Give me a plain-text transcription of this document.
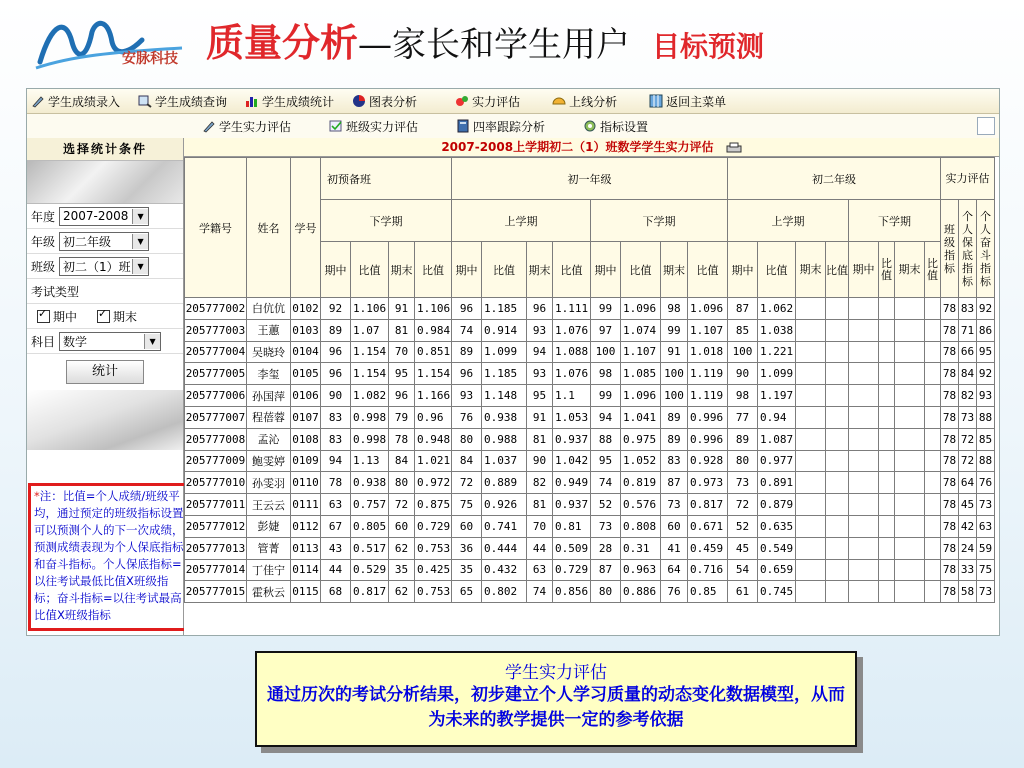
安脉科技 质量分析 —家长和学生用户 目标预测
学生成绩录入	学生成绩查询	学生成绩统计	图表分析	实力评估	上线分析	返回主菜单
学生实力评估	班级实力评估	四率跟踪分析	指标设置
选择统计条件
年度 2007-2008	▼
年级 初二年级	▼
班级 初二（1）班 ▼
考试类型
✓
期中 ✓	期末
科目 数学	▼
统计
*注：比值=个人成绩/班级平均，通过预定的班级指标设置可以预测个人的下一次成绩，预测成绩表现为个人保底指标和奋斗指标。个人保底指标=以往考试最低比值X班级指标；奋斗指标=以往考试最高比值X班级指标
2007-2008上学期初二（1）班数学学生实力评估
学籍号	姓名	学号	初预备班				初一年级								初二年级								实力评估		
			下学期				上学期				下学期				上学期				下学期				班级指标	个人保底指标	个人奋斗指标
			期中	比值	期末	比值	期中	比值	期末	比值	期中	比值	期末	比值	期中	比值	期末	比值	期中	比值	期末	比值			
205777002	白伉伉	0102	92	1.106	91	1.106	96	1.185	96	1.111	99	1.096	98	1.096	87	1.062							78	83	92
205777003	王蕙	0103	89	1.07	81	0.984	74	0.914	93	1.076	97	1.074	99	1.107	85	1.038							78	71	86
205777004	吴晓玲	0104	96	1.154	70	0.851	89	1.099	94	1.088	100	1.107	91	1.018	100	1.221							78	66	95
205777005	李玺	0105	96	1.154	95	1.154	96	1.185	93	1.076	98	1.085	100	1.119	90	1.099							78	84	92
205777006	孙国萍	0106	90	1.082	96	1.166	93	1.148	95	1.1	99	1.096	100	1.119	98	1.197							78	82	93
205777007	程蓓蓉	0107	83	0.998	79	0.96	76	0.938	91	1.053	94	1.041	89	0.996	77	0.94							78	73	88
205777008	孟沁	0108	83	0.998	78	0.948	80	0.988	81	0.937	88	0.975	89	0.996	89	1.087							78	72	85
205777009	鲍雯婷	0109	94	1.13	84	1.021	84	1.037	90	1.042	95	1.052	83	0.928	80	0.977							78	72	88
205777010	孙雯羽	0110	78	0.938	80	0.972	72	0.889	82	0.949	74	0.819	87	0.973	73	0.891							78	64	76
205777011	王云云	0111	63	0.757	72	0.875	75	0.926	81	0.937	52	0.576	73	0.817	72	0.879							78	45	73
205777012	彭婕	0112	67	0.805	60	0.729	60	0.741	70	0.81	73	0.808	60	0.671	52	0.635							78	42	63
205777013	管菁	0113	43	0.517	62	0.753	36	0.444	44	0.509	28	0.31	41	0.459	45	0.549							78	24	59
205777014	丁佳宁	0114	44	0.529	35	0.425	35	0.432	63	0.729	87	0.963	64	0.716	54	0.659							78	33	75
205777015	霍秋云	0115	68	0.817	62	0.753	65	0.802	74	0.856	80	0.886	76	0.85	61	0.745							78	58	73
学生实力评估
通过历次的考试分析结果，初步建立个人学习质量的动态变化数据模型，从而为未来的教学提供一定的参考依据
